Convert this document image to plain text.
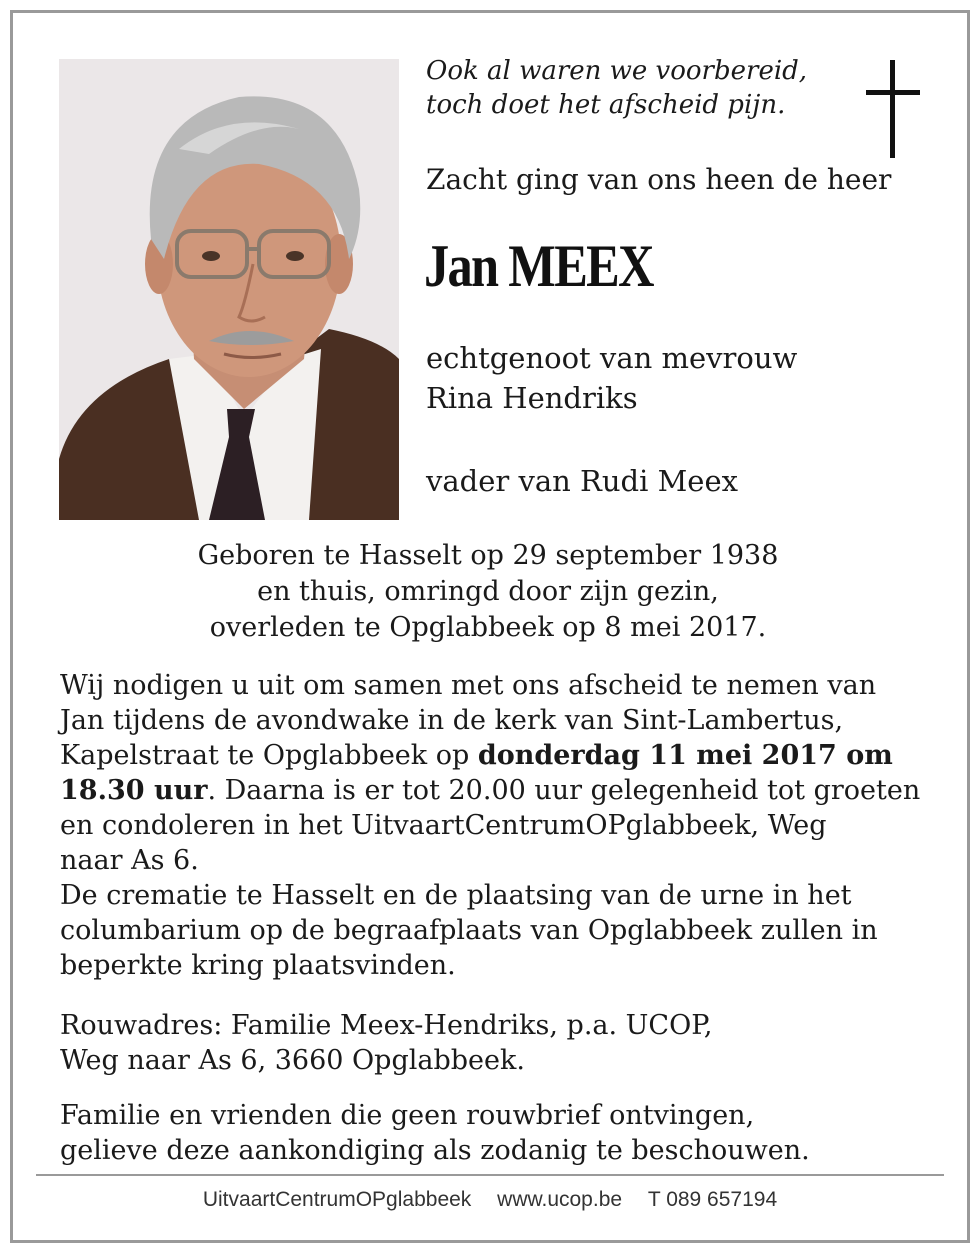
Ook al waren we voorbereid,
toch doet het afscheid pijn.
Zacht ging van ons heen de heer
Jan MEEX
echtgenoot van mevrouw
Rina Hendriks
vader van Rudi Meex
Geboren te Hasselt op 29 september 1938
en thuis, omringd door zijn gezin,
overleden te Opglabbeek op 8 mei 2017.
Wij nodigen u uit om samen met ons afscheid te nemen van
Jan tijdens de avondwake in de kerk van Sint-Lambertus,
Kapelstraat te Opglabbeek op donderdag 11 mei 2017 om
18.30 uur. Daarna is er tot 20.00 uur gelegenheid tot groeten
en condoleren in het UitvaartCentrumOPglabbeek, Weg
naar As 6.
De crematie te Hasselt en de plaatsing van de urne in het
columbarium op de begraafplaats van Opglabbeek zullen in
beperkte kring plaatsvinden.
Rouwadres: Familie Meex-Hendriks, p.a. UCOP,
Weg naar As 6, 3660 Opglabbeek.
Familie en vrienden die geen rouwbrief ontvingen,
gelieve deze aankondiging als zodanig te beschouwen.
UitvaartCentrumOPglabbeek www.ucop.be T 089 657194
